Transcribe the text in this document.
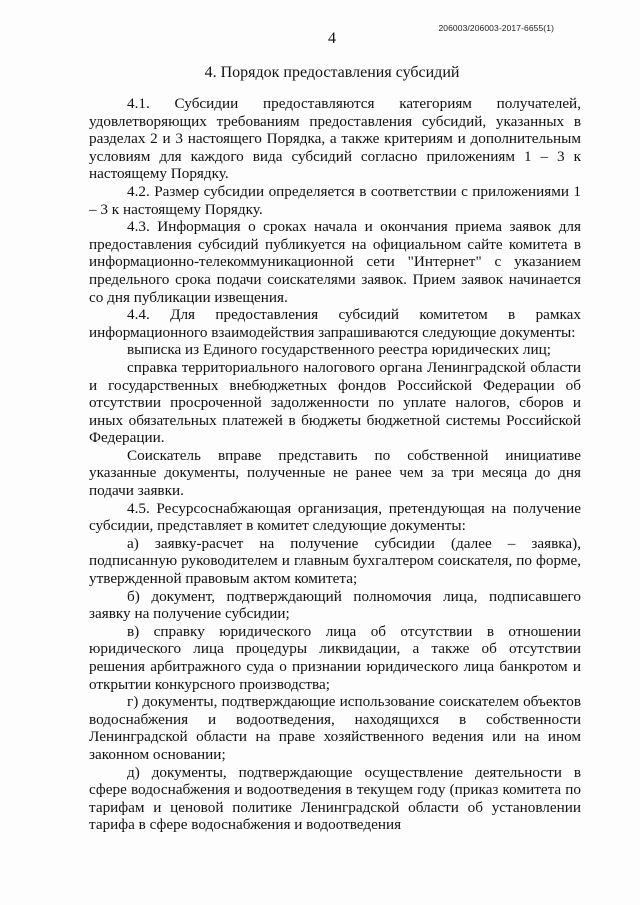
206003/206003-2017-6655(1)
4
4. Порядок предоставления субсидий

4.1. Субсидии предоставляются категориям получателей, удовлетворяющих требованиям предоставления субсидий, указанных в разделах 2 и 3 настоящего Порядка, а также критериям и дополнительным условиям для каждого вида субсидий согласно приложениям 1 – 3 к настоящему Порядку.

4.2. Размер субсидии определяется в соответствии с приложениями 1 – 3 к настоящему Порядку.

4.3. Информация о сроках начала и окончания приема заявок для предоставления субсидий публикуется на официальном сайте комитета в информационно-телекоммуникационной сети "Интернет" с указанием предельного срока подачи соискателями заявок. Прием заявок начинается со дня публикации извещения.

4.4. Для предоставления субсидий комитетом в рамках информационного взаимодействия запрашиваются следующие документы:

выписка из Единого государственного реестра юридических лиц;

справка территориального налогового органа Ленинградской области и государственных внебюджетных фондов Российской Федерации об отсутствии просроченной задолженности по уплате налогов, сборов и иных обязательных платежей в бюджеты бюджетной системы Российской Федерации.

Соискатель вправе представить по собственной инициативе указанные документы, полученные не ранее чем за три месяца до дня подачи заявки.

4.5. Ресурсоснабжающая организация, претендующая на получение субсидии, представляет в комитет следующие документы:

а) заявку-расчет на получение субсидии (далее – заявка), подписанную руководителем и главным бухгалтером соискателя, по форме, утвержденной правовым актом комитета;

б) документ, подтверждающий полномочия лица, подписавшего заявку на получение субсидии;

в) справку юридического лица об отсутствии в отношении юридического лица процедуры ликвидации, а также об отсутствии решения арбитражного суда о признании юридического лица банкротом и открытии конкурсного производства;

г) документы, подтверждающие использование соискателем объектов водоснабжения и водоотведения, находящихся в собственности Ленинградской области на праве хозяйственного ведения или на ином законном основании;

д) документы, подтверждающие осуществление деятельности в сфере водоснабжения и водоотведения в текущем году (приказ комитета по тарифам и ценовой политике Ленинградской области об установлении тарифа в сфере водоснабжения и водоотведения
